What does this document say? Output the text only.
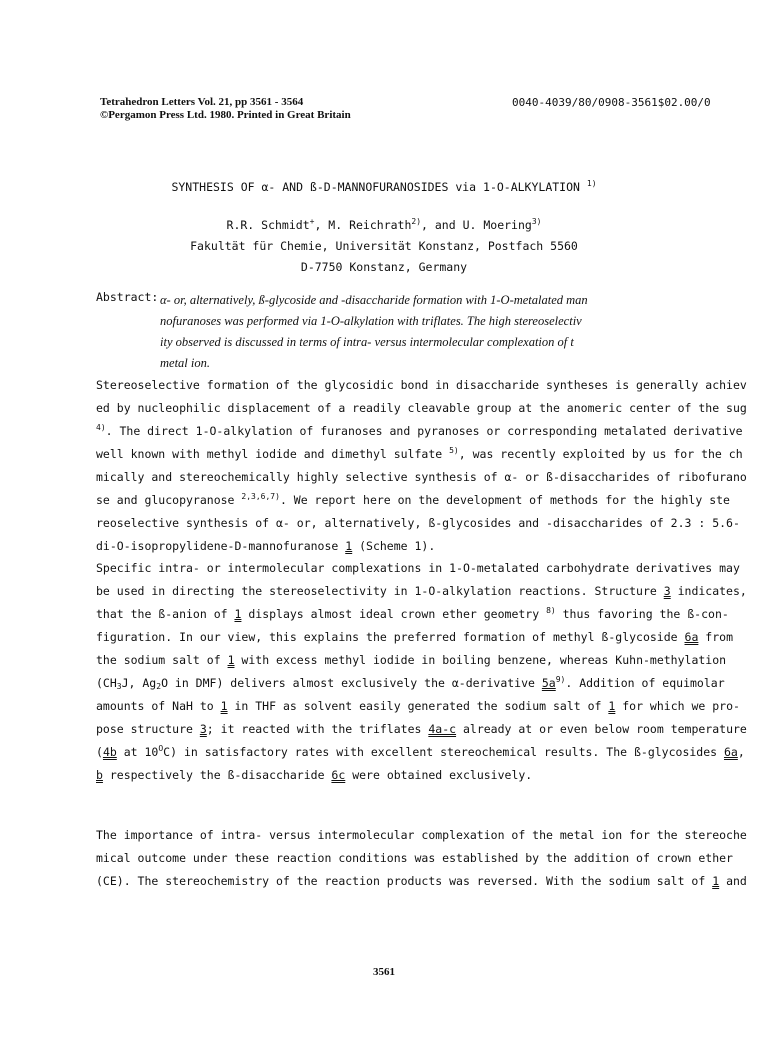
Tetrahedron Letters Vol. 21, pp 3561 - 3564
©Pergamon Press Ltd. 1980. Printed in Great Britain
0040-4039/80/0908-3561$02.00/0
SYNTHESIS OF α- AND ß-D-MANNOFURANOSIDES via 1-O-ALKYLATION $^{1)}$
R.R. Schmidt+, M. Reichrath$^{2)}$, and U. Moering$^{3)}$
Fakultät für Chemie, Universität Konstanz, Postfach 5560
D-7750 Konstanz, Germany
Abstract: α- or, alternatively, ß-glycoside and -disaccharide formation with 1-O-metalated man
nofuranoses was performed via 1-O-alkylation with triflates. The high stereoselectiv
ity observed is discussed in terms of intra- versus intermolecular complexation of t
metal ion.
Stereoselective formation of the glycosidic bond in disaccharide syntheses is generally achiev
ed by nucleophilic displacement of a readily cleavable group at the anomeric center of the sug
$^{4)}$. The direct 1-O-alkylation of furanoses and pyranoses or corresponding metalated derivative
well known with methyl iodide and dimethyl sulfate $^{5)}$, was recently exploited by us for the ch
mically and stereochemically highly selective synthesis of α- or ß-disaccharides of ribofurano
se and glucopyranose $^{2,3,6,7)}$. We report here on the development of methods for the highly ste
reoselective synthesis of α- or, alternatively, ß-glycosides and -disaccharides of 2.3 : 5.6-
di-O-isopropylidene-D-mannofuranose 1 (Scheme 1).
Specific intra- or intermolecular complexations in 1-O-metalated carbohydrate derivatives may
be used in directing the stereoselectivity in 1-O-alkylation reactions. Structure 3 indicates,
that the ß-anion of 1 displays almost ideal crown ether geometry $^{8)}$ thus favoring the ß-con-
figuration. In our view, this explains the preferred formation of methyl ß-glycoside 6a from
the sodium salt of 1 with excess methyl iodide in boiling benzene, whereas Kuhn-methylation
($CH_3J$, $Ag_2O$ in DMF) delivers almost exclusively the α-derivative $5a^{9)}$. Addition of equimolar
amounts of NaH to 1 in THF as solvent easily generated the sodium salt of 1 for which we pro-
pose structure 3; it reacted with the triflates 4a-c already at or even below room temperature
(4b at $10^OC$) in satisfactory rates with excellent stereochemical results. The ß-glycosides 6a,
b respectively the ß-disaccharide 6c were obtained exclusively.
The importance of intra- versus intermolecular complexation of the metal ion for the stereoche
mical outcome under these reaction conditions was established by the addition of crown ether
(CE). The stereochemistry of the reaction products was reversed. With the sodium salt of 1 and
3561
